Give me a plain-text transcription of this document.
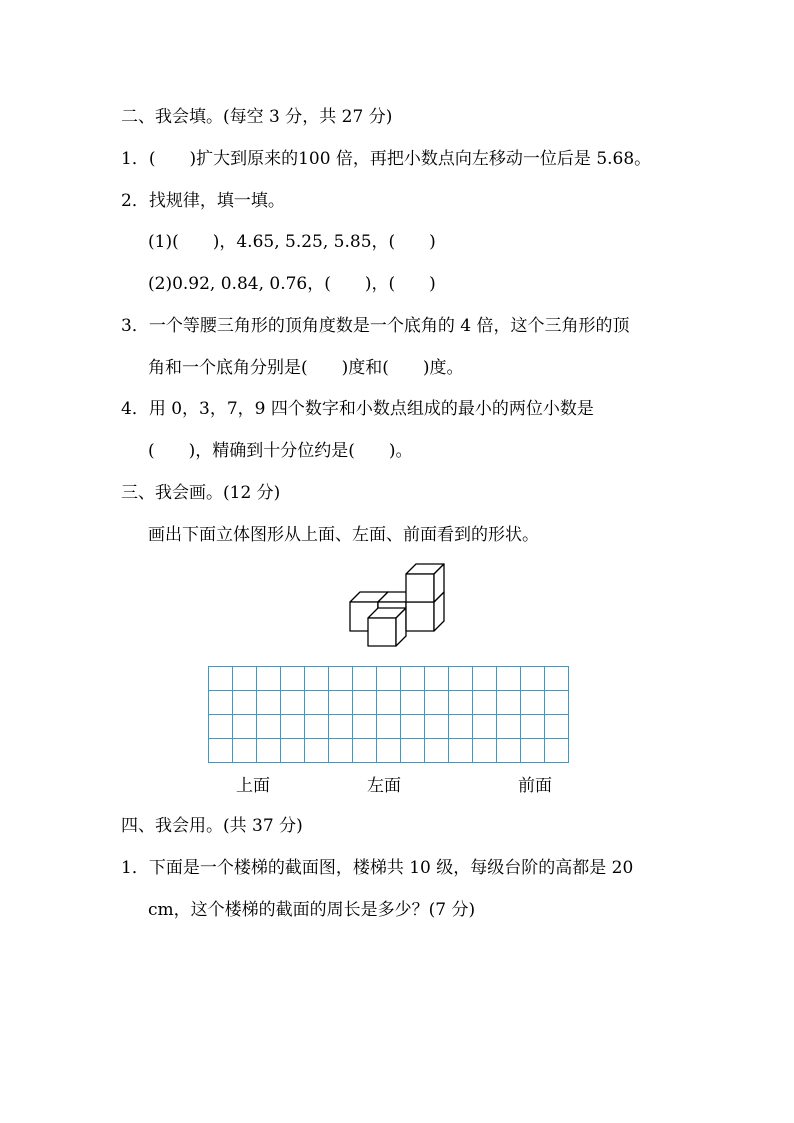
二、我会填。(每空 3 分，共 27 分)
1．(　　)扩大到原来的100 倍，再把小数点向左移动一位后是 5.68。
2．找规律，填一填。
(1)(　　)，4.65, 5.25, 5.85，(　　)
(2)0.92, 0.84, 0.76，(　　)，(　　)
3．一个等腰三角形的顶角度数是一个底角的 4 倍，这个三角形的顶
角和一个底角分别是(　　)度和(　　)度。
4．用 0，3，7，9 四个数字和小数点组成的最小的两位小数是
(　　)，精确到十分位约是(　　)。
三、我会画。(12 分)
画出下面立体图形从上面、左面、前面看到的形状。

上面	左面	前面
四、我会用。(共 37 分)
1．下面是一个楼梯的截面图，楼梯共 10 级，每级台阶的高都是 20
cm，这个楼梯的截面的周长是多少？(7 分)
